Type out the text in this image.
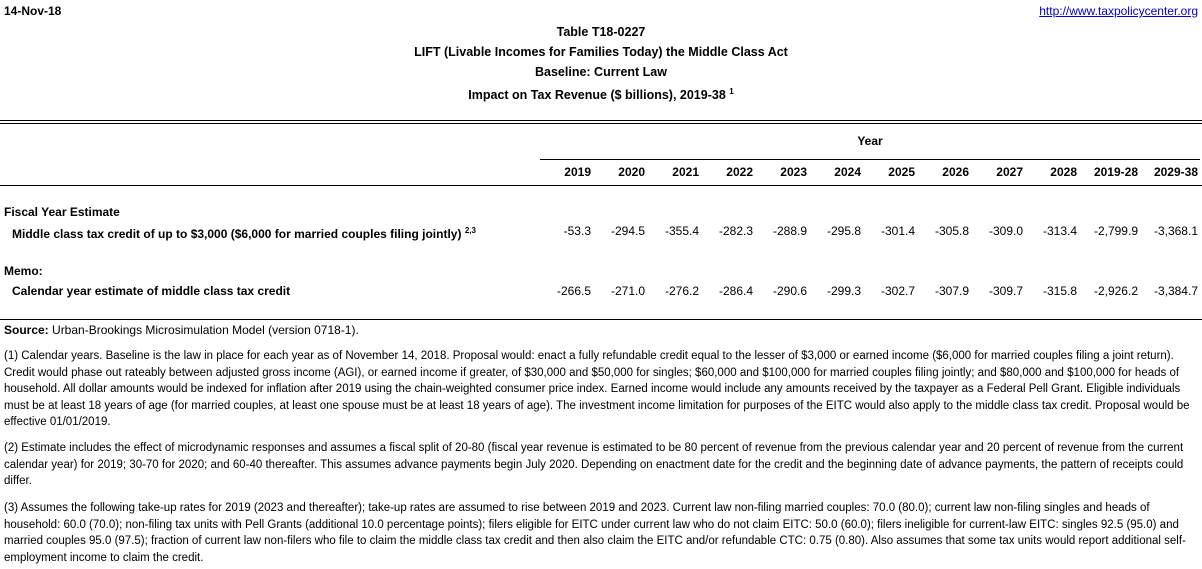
14-Nov-18	http://www.taxpolicycenter.org
Table T18-0227
LIFT (Livable Incomes for Families Today) the Middle Class Act
Baseline: Current Law
Impact on Tax Revenue ($ billions), 2019-38 $^1$
Year
2019	2020	2021	2022	2023	2024	2025	2026	2027	2028	2019-28	2029-38
Fiscal Year Estimate
Middle class tax credit of up to $3,000 ($6,000 for married couples filing jointly) $^{2,3}$	-53.3	-294.5	-355.4	-282.3	-288.9	-295.8	-301.4	-305.8	-309.0	-313.4	-2,799.9	-3,368.1
Memo:
Calendar year estimate of middle class tax credit	-266.5	-271.0	-276.2	-286.4	-290.6	-299.3	-302.7	-307.9	-309.7	-315.8	-2,926.2	-3,384.7
Source: Urban-Brookings Microsimulation Model (version 0718-1).
(1) Calendar years. Baseline is the law in place for each year as of November 14, 2018. Proposal would: enact a fully refundable credit equal to the lesser of $3,000 or earned income ($6,000 for married couples filing a joint return). Credit would phase out rateably between adjusted gross income (AGI), or earned income if greater, of $30,000 and $50,000 for singles; $60,000 and $100,000 for married couples filing jointly; and $80,000 and $100,000 for heads of household. All dollar amounts would be indexed for inflation after 2019 using the chain-weighted consumer price index. Earned income would include any amounts received by the taxpayer as a Federal Pell Grant. Eligible individuals must be at least 18 years of age (for married couples, at least one spouse must be at least 18 years of age). The investment income limitation for purposes of the EITC would also apply to the middle class tax credit. Proposal would be effective 01/01/2019.
(2) Estimate includes the effect of microdynamic responses and assumes a fiscal split of 20-80 (fiscal year revenue is estimated to be 80 percent of revenue from the previous calendar year and 20 percent of revenue from the current calendar year) for 2019; 30-70 for 2020; and 60-40 thereafter. This assumes advance payments begin July 2020. Depending on enactment date for the credit and the beginning date of advance payments, the pattern of receipts could differ.
(3) Assumes the following take-up rates for 2019 (2023 and thereafter); take-up rates are assumed to rise between 2019 and 2023. Current law non-filing married couples: 70.0 (80.0); current law non-filing singles and heads of household: 60.0 (70.0); non-filing tax units with Pell Grants (additional 10.0 percentage points); filers eligible for EITC under current law who do not claim EITC: 50.0 (60.0); filers ineligible for current-law EITC: singles 92.5 (95.0) and married couples 95.0 (97.5); fraction of current law non-filers who file to claim the middle class tax credit and then also claim the EITC and/or refundable CTC: 0.75 (0.80). Also assumes that some tax units would report additional self-employment income to claim the credit.
